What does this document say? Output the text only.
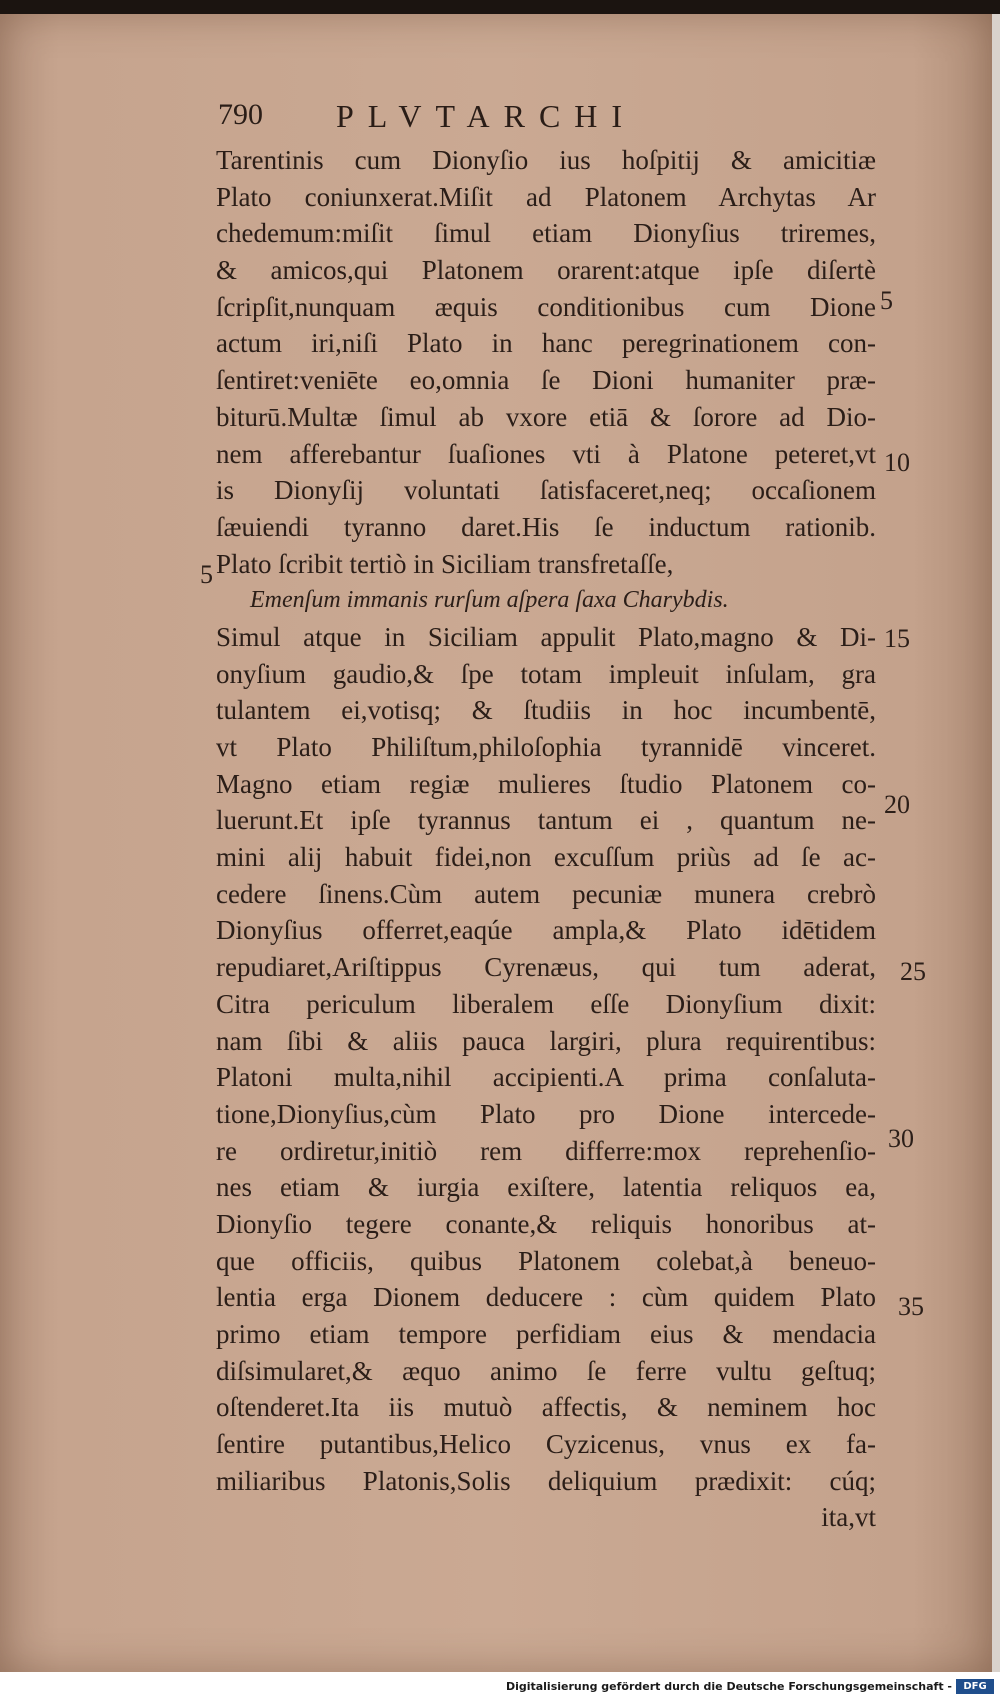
790 PLVTARCHI
Tarentinis cum Dionyſio ius hoſpitij & amicitiæ
Plato coniunxerat.Miſit ad Platonem Archytas Ar
chedemum:miſit ſimul etiam Dionyſius triremes,
& amicos,qui Platonem orarent:atque ipſe diſertè
ſcripſit,nunquam æquis conditionibus cum Dione
actum iri,niſi Plato in hanc peregrinationem con-
ſentiret:veniēte eo,omnia ſe Dioni humaniter præ-
biturū.Multæ ſimul ab vxore etiā & ſorore ad Dio-
nem afferebantur ſuaſiones vti à Platone peteret,vt
is Dionyſij voluntati ſatisfaceret,neq; occaſionem
ſæuiendi tyranno daret.His ſe inductum rationib.
Plato ſcribit tertiò in Siciliam transfretaſſe,
Emenſum immanis rurſum aſpera ſaxa Charybdis.
Simul atque in Siciliam appulit Plato,magno & Di-
onyſium gaudio,& ſpe totam impleuit inſulam, gra
tulantem ei,votisq; & ſtudiis in hoc incumbentē,
vt Plato Philiſtum,philoſophia tyrannidē vinceret.
Magno etiam regiæ mulieres ſtudio Platonem co-
luerunt.Et ipſe tyrannus tantum ei , quantum ne-
mini alij habuit fidei,non excuſſum priùs ad ſe ac-
cedere ſinens.Cùm autem pecuniæ munera crebrò
Dionyſius offerret,eaqúe ampla,& Plato idētidem
repudiaret,Ariſtippus Cyrenæus, qui tum aderat,
Citra periculum liberalem eſſe Dionyſium dixit:
nam ſibi & aliis pauca largiri, plura requirentibus:
Platoni multa,nihil accipienti.A prima conſaluta-
tione,Dionyſius,cùm Plato pro Dione intercede-
re ordiretur,initiò rem differre:mox reprehenſio-
nes etiam & iurgia exiſtere, latentia reliquos ea,
Dionyſio tegere conante,& reliquis honoribus at-
que officiis, quibus Platonem colebat,à beneuo-
lentia erga Dionem deducere : cùm quidem Plato
primo etiam tempore perfidiam eius & mendacia
diſsimularet,& æquo animo ſe ferre vultu geſtuq;
oſtenderet.Ita iis mutuò affectis, & neminem hoc
ſentire putantibus,Helico Cyzicenus, vnus ex fa-
miliaribus Platonis,Solis deliquium prædixit: cúq;
ita,vt
5
10
5
15
20
25
30
35
Digitalisierung gefördert durch die Deutsche Forschungsgemeinschaft -	DFG
